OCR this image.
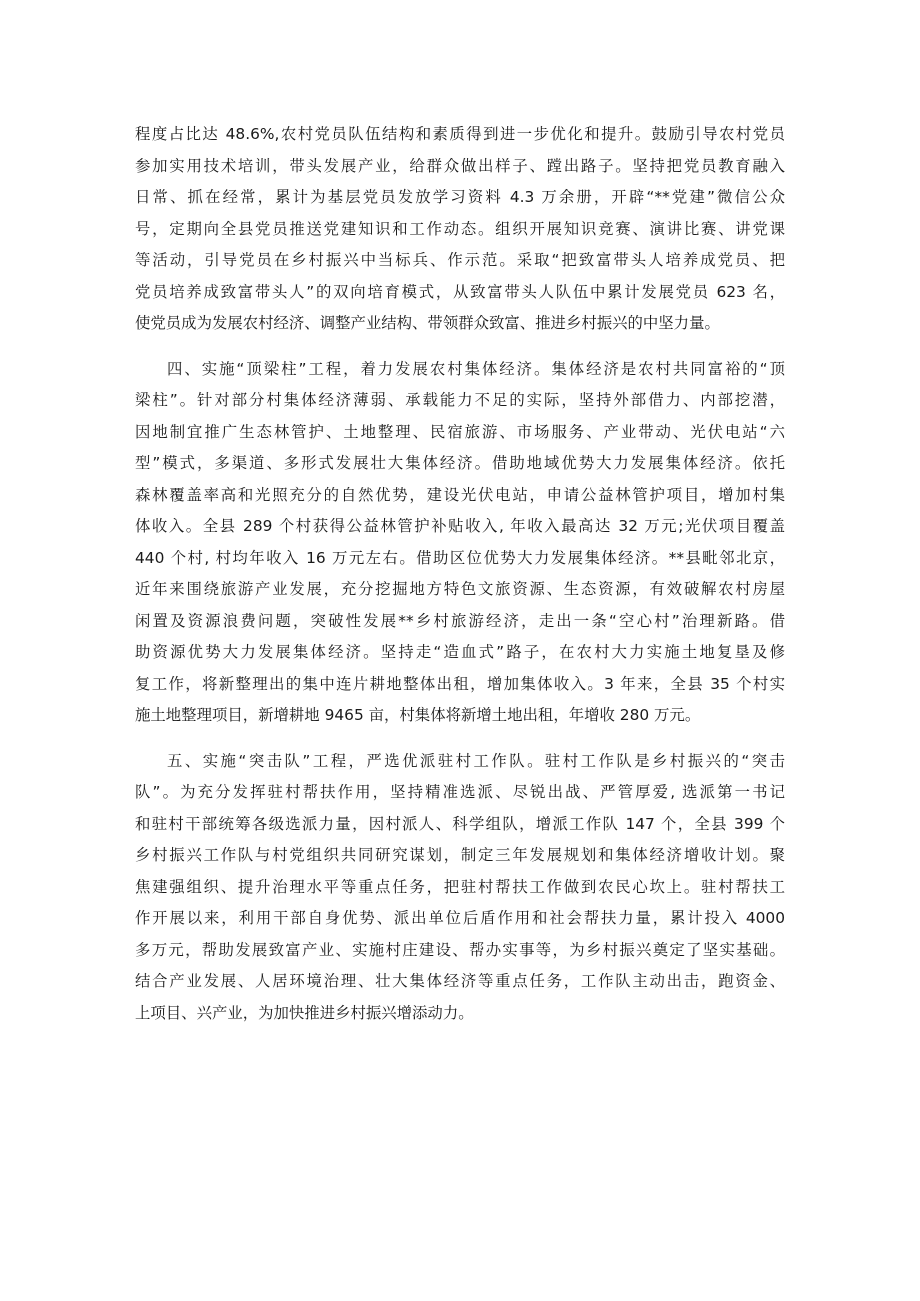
程度占比达 48.6%,农村党员队伍结构和素质得到进一步优化和提升。鼓励引导农村党员
参加实用技术培训，带头发展产业，给群众做出样子、蹚出路子。坚持把党员教育融入
日常、抓在经常，累计为基层党员发放学习资料 4.3 万余册，开辟“**党建”微信公众
号，定期向全县党员推送党建知识和工作动态。组织开展知识竞赛、演讲比赛、讲党课
等活动，引导党员在乡村振兴中当标兵、作示范。采取“把致富带头人培养成党员、把
党员培养成致富带头人”的双向培育模式，从致富带头人队伍中累计发展党员 623 名，
使党员成为发展农村经济、调整产业结构、带领群众致富、推进乡村振兴的中坚力量。
四、实施“顶梁柱”工程，着力发展农村集体经济。集体经济是农村共同富裕的“顶
梁柱”。针对部分村集体经济薄弱、承载能力不足的实际，坚持外部借力、内部挖潜，
因地制宜推广生态林管护、土地整理、民宿旅游、市场服务、产业带动、光伏电站“六
型”模式，多渠道、多形式发展壮大集体经济。借助地域优势大力发展集体经济。依托
森林覆盖率高和光照充分的自然优势，建设光伏电站，申请公益林管护项目，增加村集
体收入。全县 289 个村获得公益林管护补贴收入, 年收入最高达 32 万元;光伏项目覆盖
440 个村, 村均年收入 16 万元左右。借助区位优势大力发展集体经济。**县毗邻北京，
近年来围绕旅游产业发展，充分挖掘地方特色文旅资源、生态资源，有效破解农村房屋
闲置及资源浪费问题，突破性发展**乡村旅游经济，走出一条“空心村”治理新路。借
助资源优势大力发展集体经济。坚持走“造血式”路子，在农村大力实施土地复垦及修
复工作，将新整理出的集中连片耕地整体出租，增加集体收入。3 年来，全县 35 个村实
施土地整理项目，新增耕地 9465 亩，村集体将新增土地出租，年增收 280 万元。
五、实施“突击队”工程，严选优派驻村工作队。驻村工作队是乡村振兴的“突击
队”。为充分发挥驻村帮扶作用，坚持精准选派、尽锐出战、严管厚爱, 选派第一书记
和驻村干部统筹各级选派力量，因村派人、科学组队，增派工作队 147 个，全县 399 个
乡村振兴工作队与村党组织共同研究谋划，制定三年发展规划和集体经济增收计划。聚
焦建强组织、提升治理水平等重点任务，把驻村帮扶工作做到农民心坎上。驻村帮扶工
作开展以来，利用干部自身优势、派出单位后盾作用和社会帮扶力量，累计投入 4000
多万元，帮助发展致富产业、实施村庄建设、帮办实事等，为乡村振兴奠定了坚实基础。
结合产业发展、人居环境治理、壮大集体经济等重点任务，工作队主动出击，跑资金、
上项目、兴产业，为加快推进乡村振兴增添动力。
